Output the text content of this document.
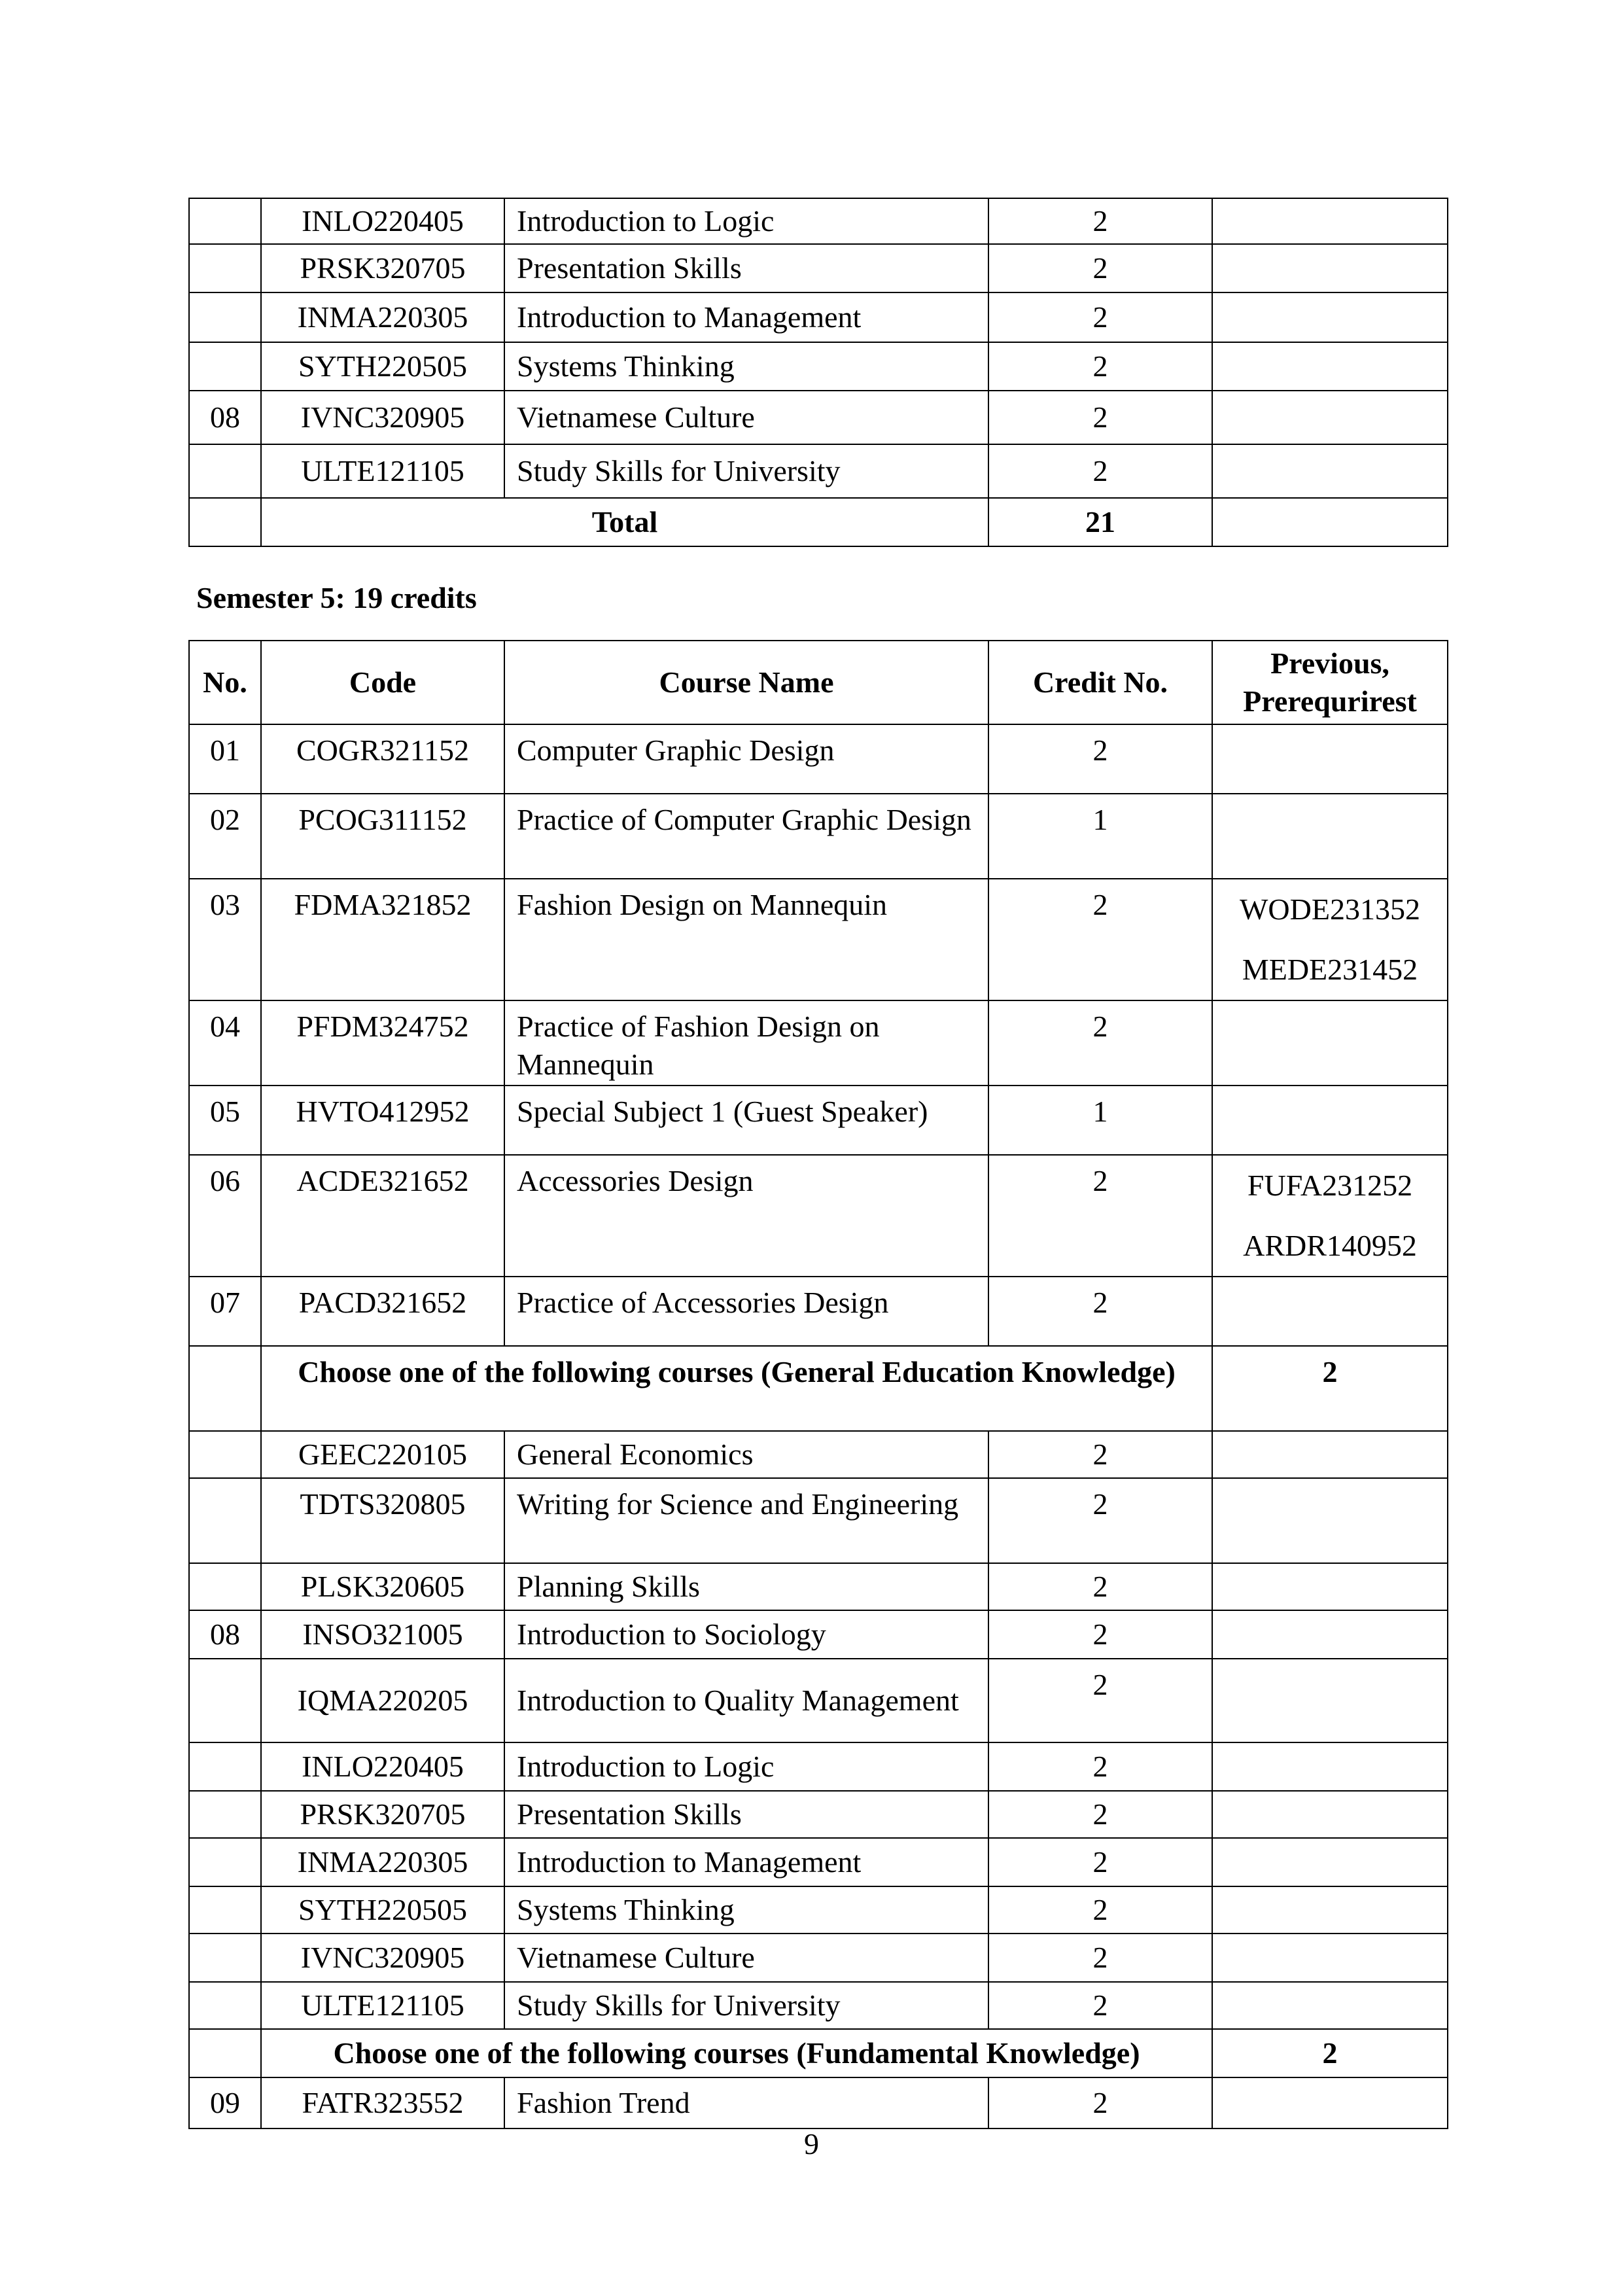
	INLO220405	Introduction to Logic	2	
	PRSK320705	Presentation Skills	2	
	INMA220305	Introduction to Management	2	
	SYTH220505	Systems Thinking	2	
08	IVNC320905	Vietnamese Culture	2	
	ULTE121105	Study Skills for University	2	
	Total		21	
Semester 5: 19 credits
No.	Code	Course Name	Credit No.	Previous, Prerequrirest
01	COGR321152	Computer Graphic Design	2	
02	PCOG311152	Practice of Computer Graphic Design	1	
03	FDMA321852	Fashion Design on Mannequin	2	WODE231352
MEDE231452

04	PFDM324752	Practice of Fashion Design on Mannequin	2	
05	HVTO412952	Special Subject 1 (Guest Speaker)	1	
06	ACDE321652	Accessories Design	2	FUFA231252
ARDR140952

07	PACD321652	Practice of Accessories Design	2	
	Choose one of the following courses (General Education Knowledge)			2
	GEEC220105	General Economics	2	
	TDTS320805	Writing for Science and Engineering	2	
	PLSK320605	Planning Skills	2	
08	INSO321005	Introduction to Sociology	2	
	IQMA220205	Introduction to Quality Management	2	
	INLO220405	Introduction to Logic	2	
	PRSK320705	Presentation Skills	2	
	INMA220305	Introduction to Management	2	
	SYTH220505	Systems Thinking	2	
	IVNC320905	Vietnamese Culture	2	
	ULTE121105	Study Skills for University	2	
	Choose one of the following courses (Fundamental Knowledge)			2
09	FATR323552	Fashion Trend	2	
9
